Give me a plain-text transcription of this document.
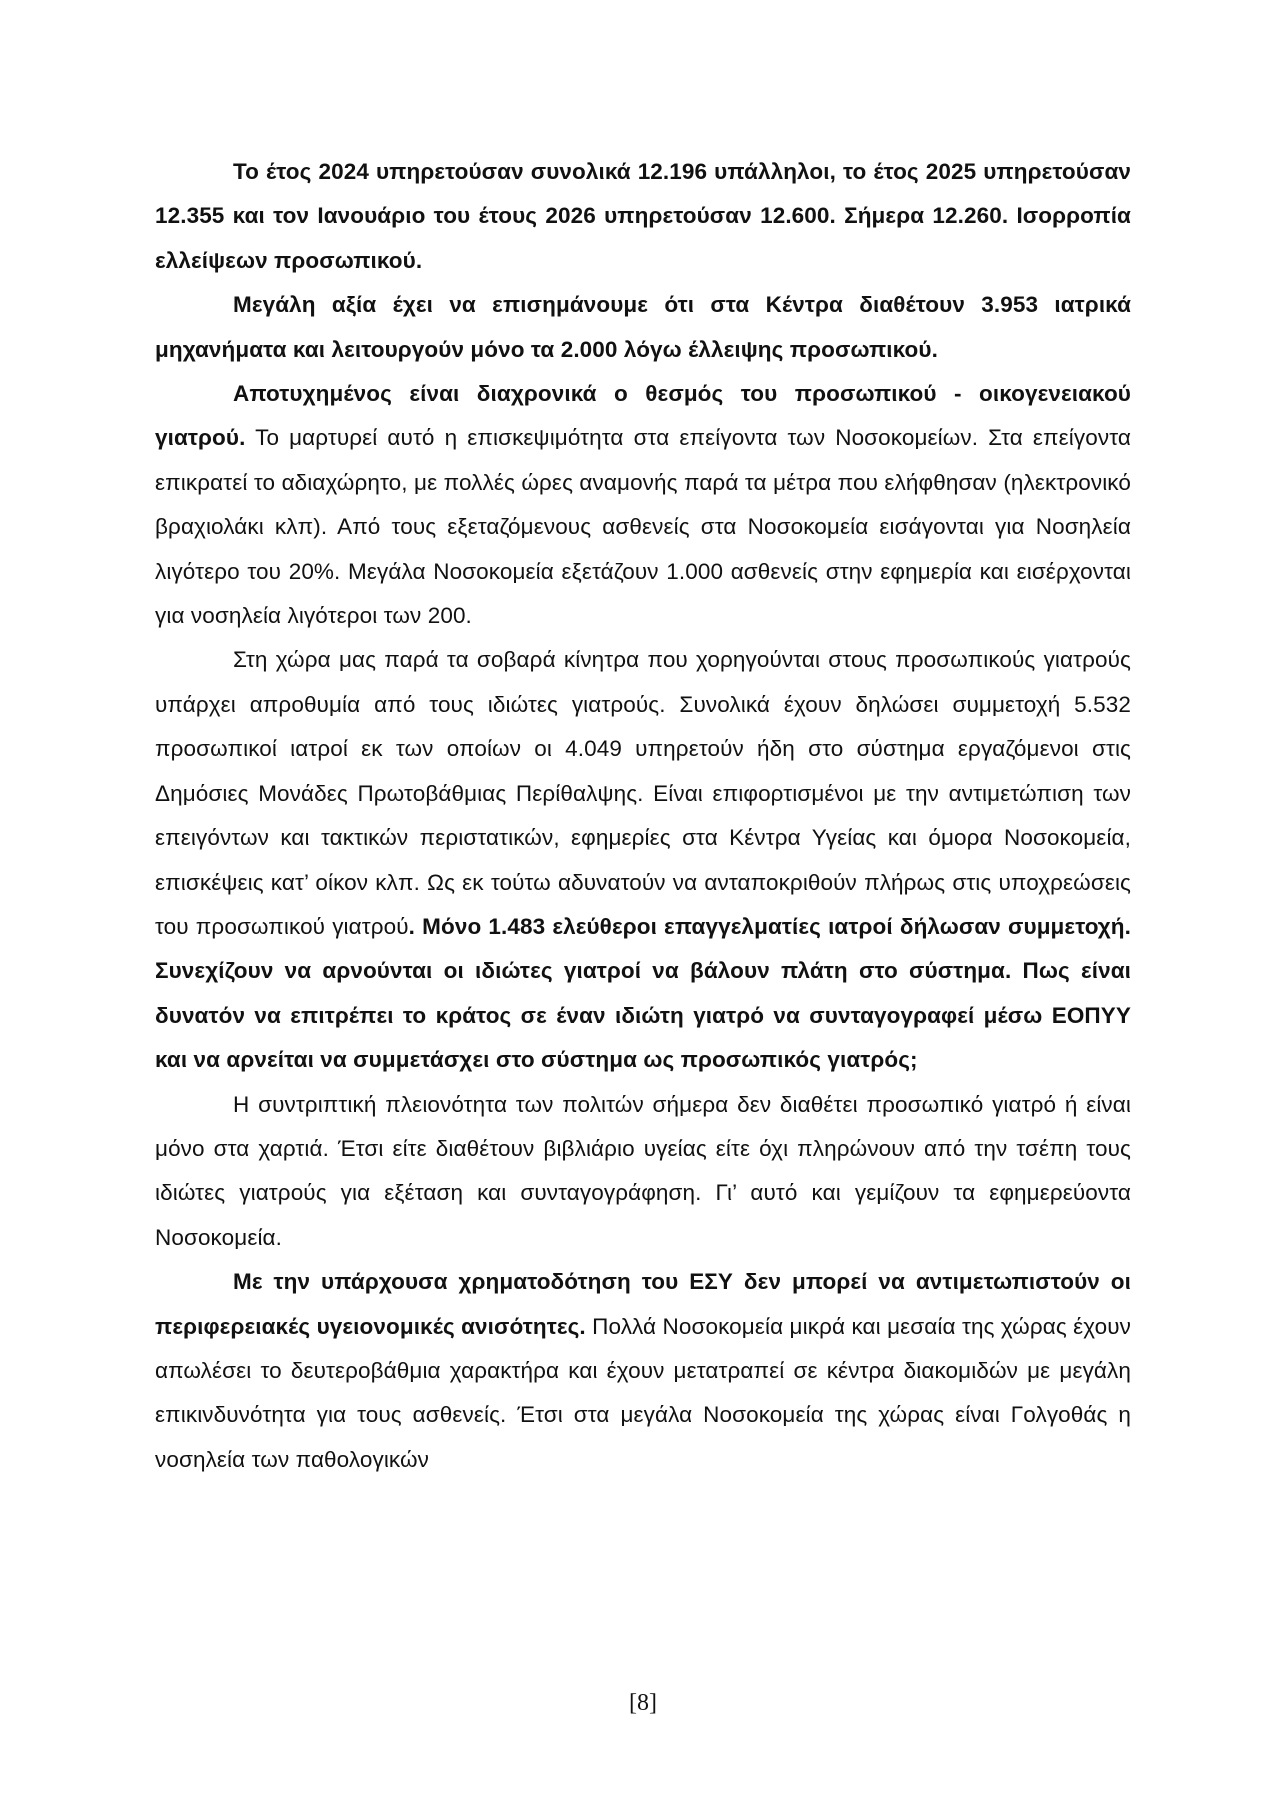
Το έτος 2024 υπηρετούσαν συνολικά 12.196 υπάλληλοι, το έτος 2025 υπηρετούσαν 12.355 και τον Ιανουάριο του έτους 2026 υπηρετούσαν 12.600. Σήμερα 12.260. Ισορροπία ελλείψεων προσωπικού.

Μεγάλη αξία έχει να επισημάνουμε ότι στα Κέντρα διαθέτουν 3.953 ιατρικά μηχανήματα και λειτουργούν μόνο τα 2.000 λόγω έλλειψης προσωπικού.

Αποτυχημένος είναι διαχρονικά ο θεσμός του προσωπικού - οικογενειακού γιατρού. Το μαρτυρεί αυτό η επισκεψιμότητα στα επείγοντα των Νοσοκομείων. Στα επείγοντα επικρατεί το αδιαχώρητο, με πολλές ώρες αναμονής παρά τα μέτρα που ελήφθησαν (ηλεκτρονικό βραχιολάκι κλπ). Από τους εξεταζόμενους ασθενείς στα Νοσοκομεία εισάγονται για Νοσηλεία λιγότερο του 20%. Μεγάλα Νοσοκομεία εξετάζουν 1.000 ασθενείς στην εφημερία και εισέρχονται για νοσηλεία λιγότεροι των 200.

Στη χώρα μας παρά τα σοβαρά κίνητρα που χορηγούνται στους προσωπικούς γιατρούς υπάρχει απροθυμία από τους ιδιώτες γιατρούς. Συνολικά έχουν δηλώσει συμμετοχή 5.532 προσωπικοί ιατροί εκ των οποίων οι 4.049 υπηρετούν ήδη στο σύστημα εργαζόμενοι στις Δημόσιες Μονάδες Πρωτοβάθμιας Περίθαλψης. Είναι επιφορτισμένοι με την αντιμετώπιση των επειγόντων και τακτικών περιστατικών, εφημερίες στα Κέντρα Υγείας και όμορα Νοσοκομεία, επισκέψεις κατ’ οίκον κλπ. Ως εκ τούτω αδυνατούν να ανταποκριθούν πλήρως στις υποχρεώσεις του προσωπικού γιατρού. Μόνο 1.483 ελεύθεροι επαγγελματίες ιατροί δήλωσαν συμμετοχή. Συνεχίζουν να αρνούνται οι ιδιώτες γιατροί να βάλουν πλάτη στο σύστημα. Πως είναι δυνατόν να επιτρέπει το κράτος σε έναν ιδιώτη γιατρό να συνταγογραφεί μέσω ΕΟΠΥΥ και να αρνείται να συμμετάσχει στο σύστημα ως προσωπικός γιατρός;

Η συντριπτική πλειονότητα των πολιτών σήμερα δεν διαθέτει προσωπικό γιατρό ή είναι μόνο στα χαρτιά. Έτσι είτε διαθέτουν βιβλιάριο υγείας είτε όχι πληρώνουν από την τσέπη τους ιδιώτες γιατρούς για εξέταση και συνταγογράφηση. Γι’ αυτό και γεμίζουν τα εφημερεύοντα Νοσοκομεία.

Με την υπάρχουσα χρηματοδότηση του ΕΣΥ δεν μπορεί να αντιμετωπιστούν οι περιφερειακές υγειονομικές ανισότητες. Πολλά Νοσοκομεία μικρά και μεσαία της χώρας έχουν απωλέσει το δευτεροβάθμια χαρακτήρα και έχουν μετατραπεί σε κέντρα διακομιδών με μεγάλη επικινδυνότητα για τους ασθενείς. Έτσι στα μεγάλα Νοσοκομεία της χώρας είναι Γολγοθάς η νοσηλεία των παθολογικών

[8]
